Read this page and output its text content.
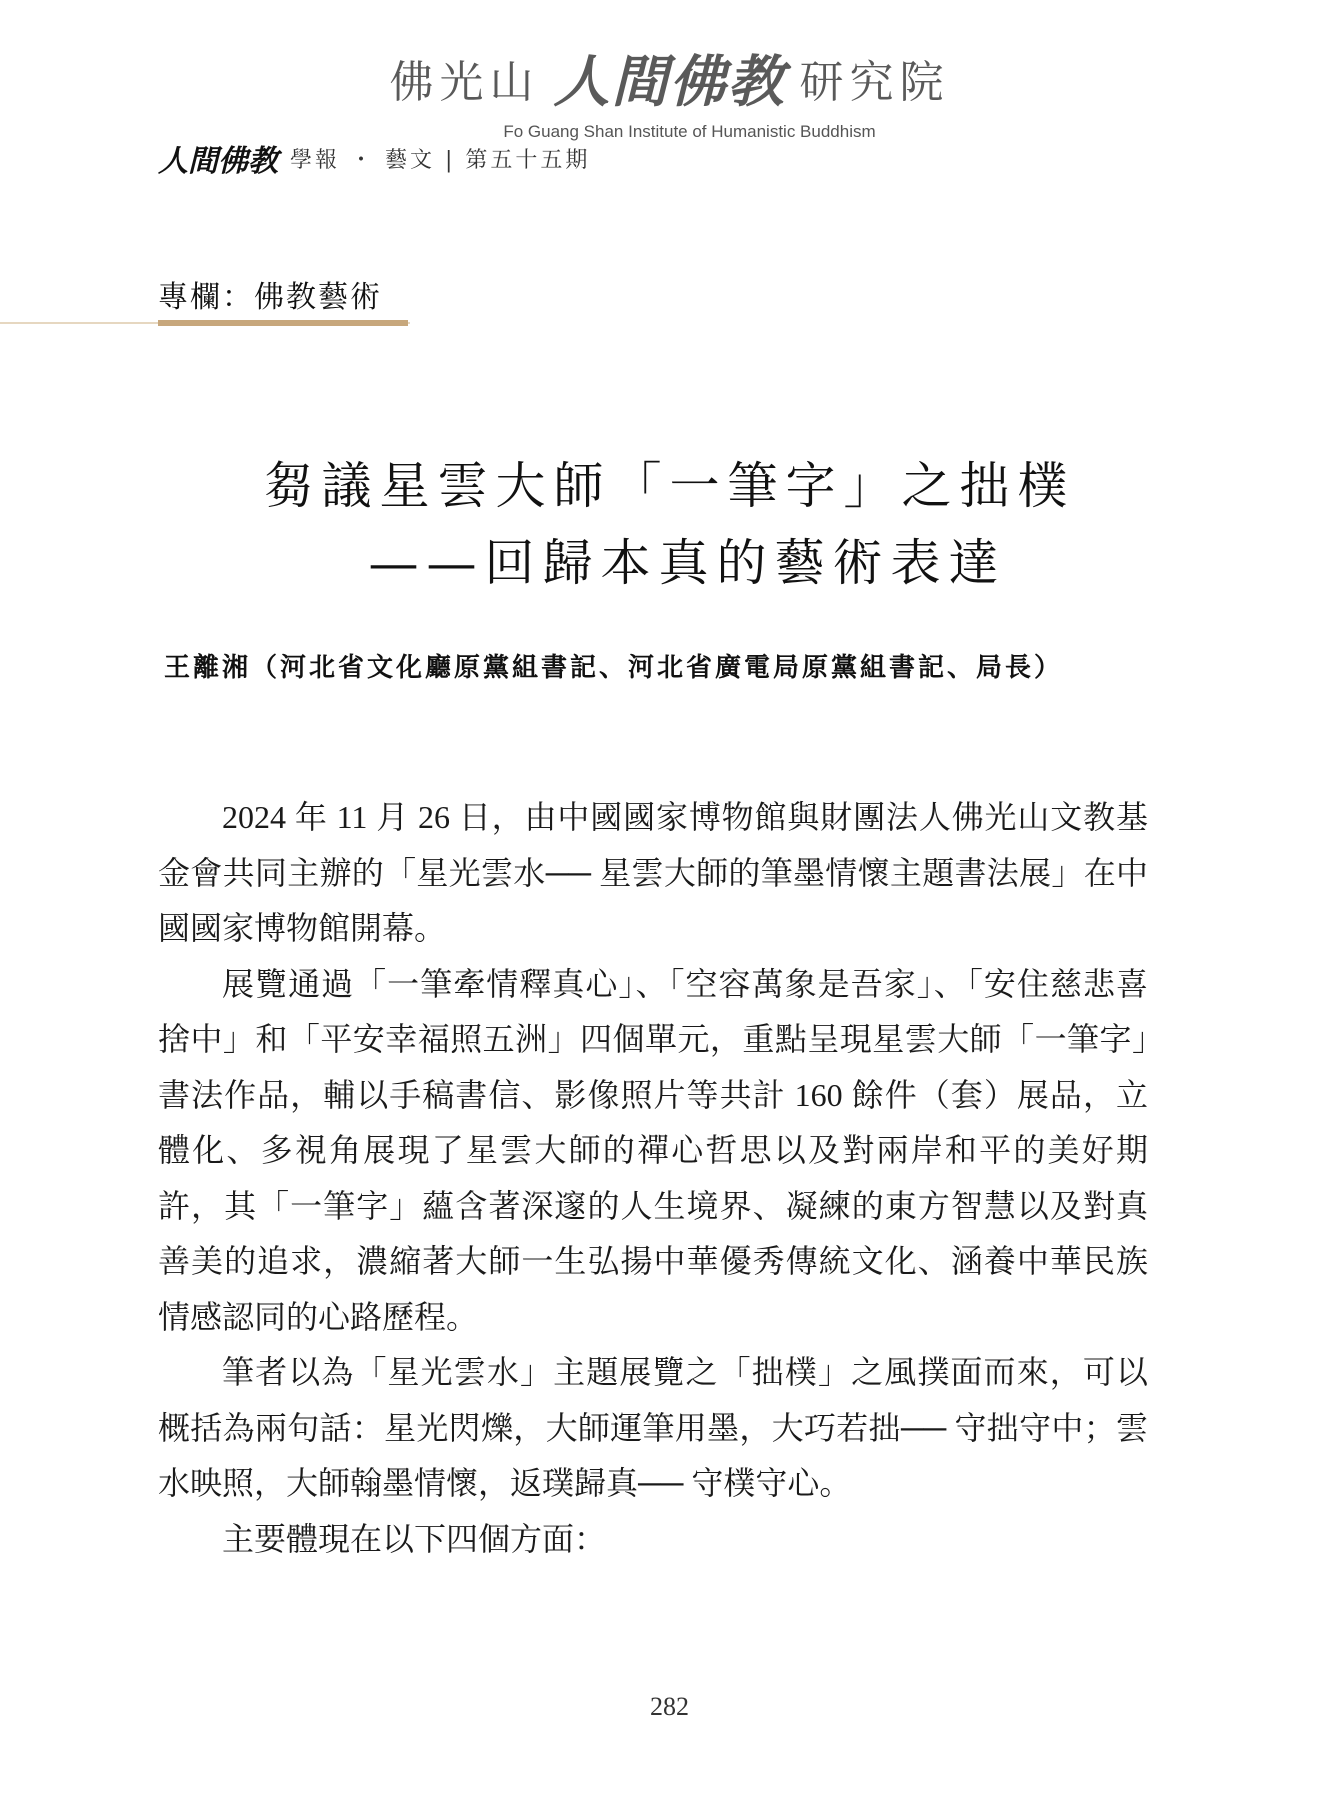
佛光山 人間佛教 研究院
Fo Guang Shan Institute of Humanistic Buddhism
人間佛教 學報 ・ 藝文 | 第五十五期
專欄：佛教藝術
芻議星雲大師「一筆字」之拙樸
——回歸本真的藝術表達
王離湘（河北省文化廳原黨組書記、河北省廣電局原黨組書記、局長）

2024 年 11 月 26 日，由中國國家博物館與財團法人佛光山文教基金會共同主辦的「星光雲水── 星雲大師的筆墨情懷主題書法展」在中國國家博物館開幕。

展覽通過「一筆牽情釋真心」、「空容萬象是吾家」、「安住慈悲喜捨中」和「平安幸福照五洲」四個單元，重點呈現星雲大師「一筆字」書法作品，輔以手稿書信、影像照片等共計 160 餘件（套）展品，立體化、多視角展現了星雲大師的禪心哲思以及對兩岸和平的美好期許，其「一筆字」蘊含著深邃的人生境界、凝練的東方智慧以及對真善美的追求，濃縮著大師一生弘揚中華優秀傳統文化、涵養中華民族情感認同的心路歷程。

筆者以為「星光雲水」主題展覽之「拙樸」之風撲面而來，可以概括為兩句話：星光閃爍，大師運筆用墨，大巧若拙── 守拙守中；雲水映照，大師翰墨情懷，返璞歸真── 守樸守心。

主要體現在以下四個方面：

282
